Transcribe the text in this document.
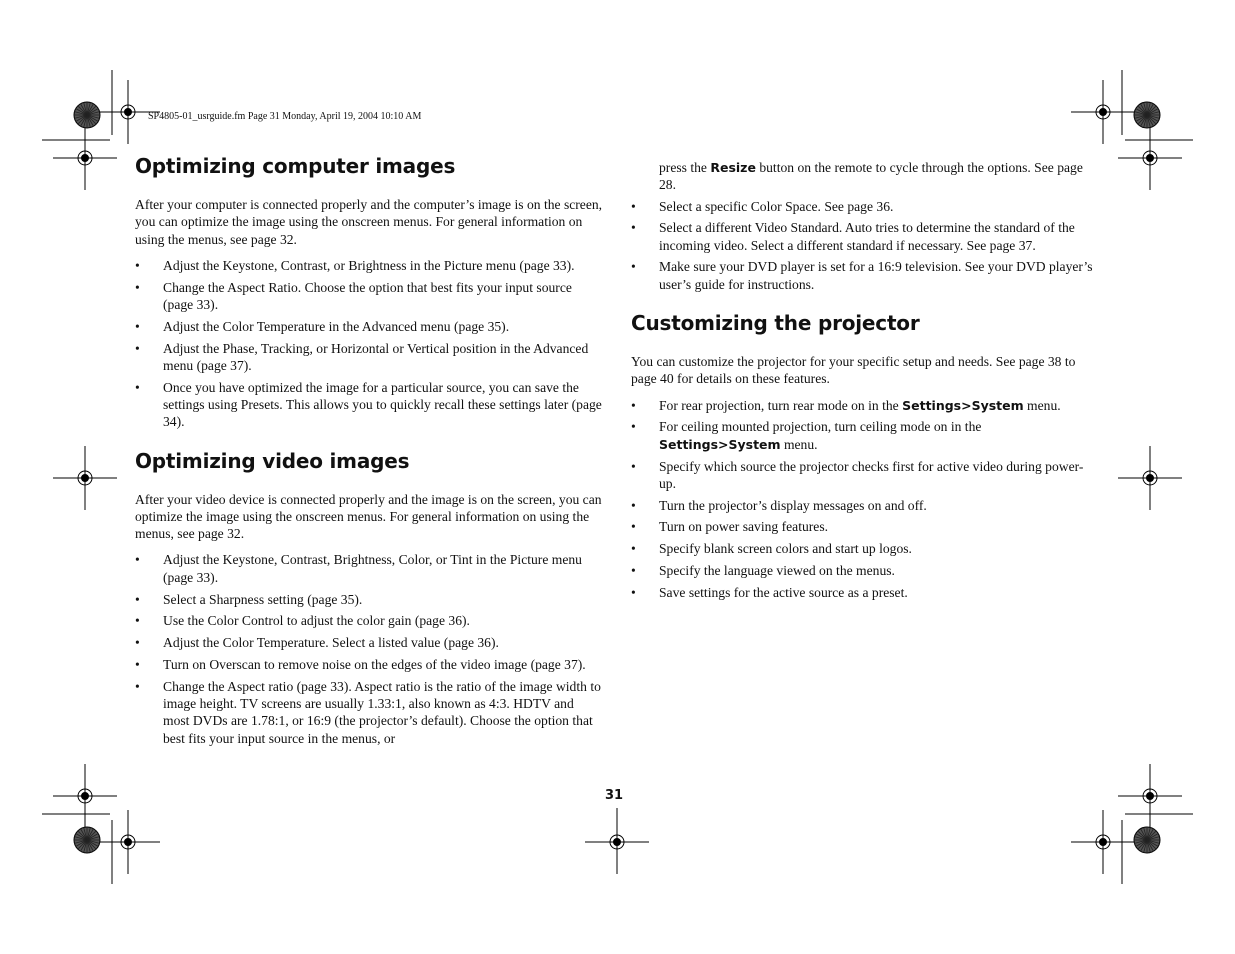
SP4805-01_usrguide.fm Page 31 Monday, April 19, 2004 10:10 AM
Optimizing computer images

After your computer is connected properly and the computer’s image is on the screen, you can optimize the image using the onscreen menus. For general information on using the menus, see page 32.

• Adjust the Keystone, Contrast, or Brightness in the Picture menu (page 33).
• Change the Aspect Ratio. Choose the option that best fits your input source (page 33).
• Adjust the Color Temperature in the Advanced menu (page 35).
• Adjust the Phase, Tracking, or Horizontal or Vertical position in the Advanced menu (page 37).
• Once you have optimized the image for a particular source, you can save the settings using Presets. This allows you to quickly recall these settings later (page 34).
Optimizing video images

After your video device is connected properly and the image is on the screen, you can optimize the image using the onscreen menus. For general information on using the menus, see page 32.

• Adjust the Keystone, Contrast, Brightness, Color, or Tint in the Picture menu (page 33).
• Select a Sharpness setting (page 35).
• Use the Color Control to adjust the color gain (page 36).
• Adjust the Color Temperature. Select a listed value (page 36).
• Turn on Overscan to remove noise on the edges of the video image (page 37).
• Change the Aspect ratio (page 33). Aspect ratio is the ratio of the image width to image height. TV screens are usually 1.33:1, also known as 4:3. HDTV and most DVDs are 1.78:1, or 16:9 (the projector’s default). Choose the option that best fits your input source in the menus, or

press the Resize button on the remote to cycle through the options. See page 28.

• Select a specific Color Space. See page 36.
• Select a different Video Standard. Auto tries to determine the standard of the incoming video. Select a different standard if necessary. See page 37.
• Make sure your DVD player is set for a 16:9 television. See your DVD player’s user’s guide for instructions.
Customizing the projector

You can customize the projector for your specific setup and needs. See page 38 to page 40 for details on these features.

• For rear projection, turn rear mode on in the Settings>System menu.
• For ceiling mounted projection, turn ceiling mode on in the Settings>System menu.
• Specify which source the projector checks first for active video during power-up.
• Turn the projector’s display messages on and off.
• Turn on power saving features.
• Specify blank screen colors and start up logos.
• Specify the language viewed on the menus.
• Save settings for the active source as a preset.
31
